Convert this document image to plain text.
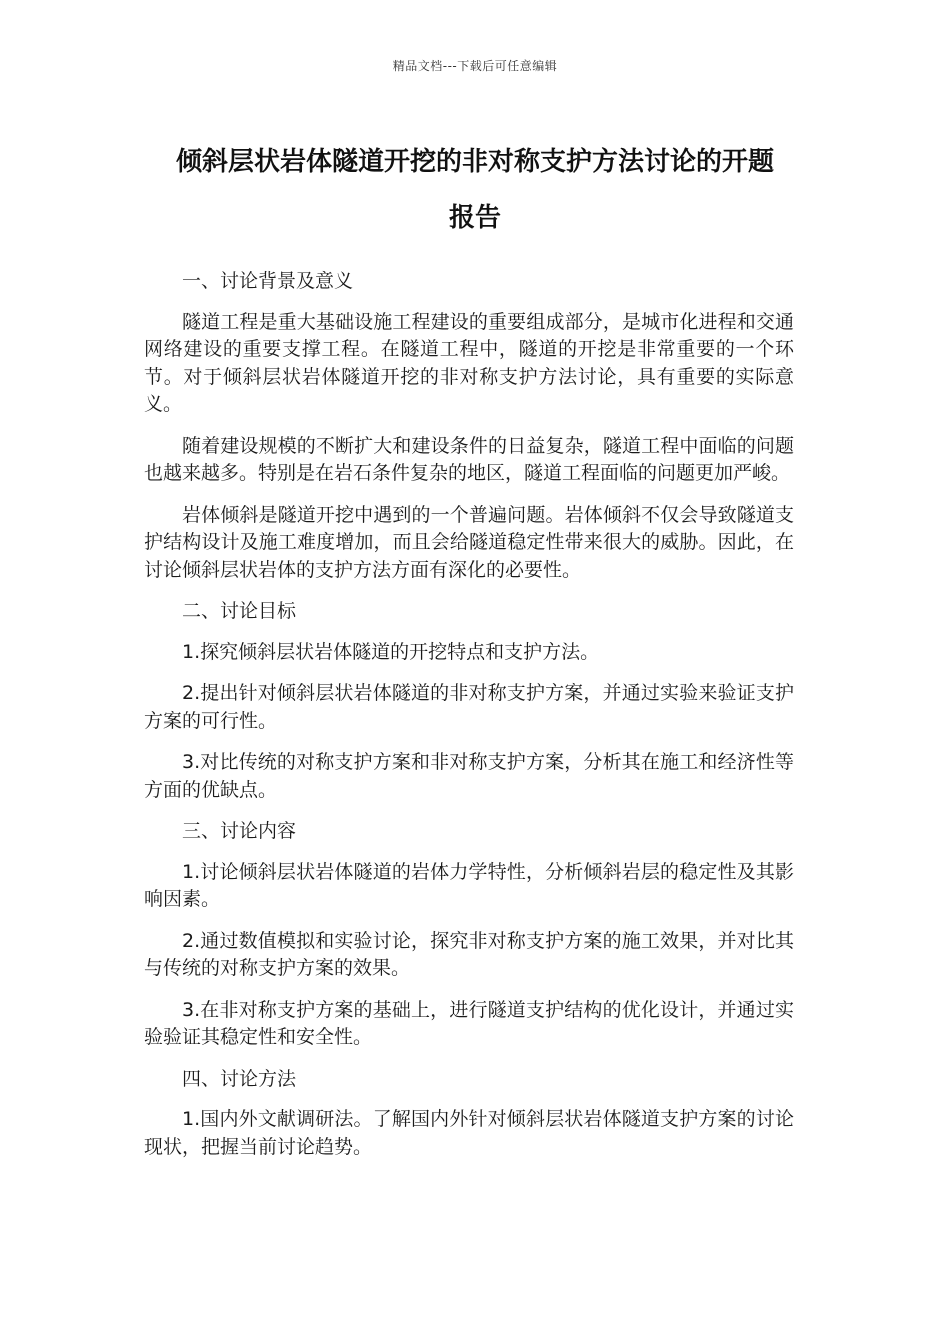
精品文档---下载后可任意编辑
倾斜层状岩体隧道开挖的非对称支护方法讨论的开题
报告

一、讨论背景及意义

隧道工程是重大基础设施工程建设的重要组成部分，是城市化进程和交通网络建设的重要支撑工程。在隧道工程中，隧道的开挖是非常重要的一个环节。对于倾斜层状岩体隧道开挖的非对称支护方法讨论，具有重要的实际意义。

随着建设规模的不断扩大和建设条件的日益复杂，隧道工程中面临的问题也越来越多。特别是在岩石条件复杂的地区，隧道工程面临的问题更加严峻。

岩体倾斜是隧道开挖中遇到的一个普遍问题。岩体倾斜不仅会导致隧道支护结构设计及施工难度增加，而且会给隧道稳定性带来很大的威胁。因此，在讨论倾斜层状岩体的支护方法方面有深化的必要性。

二、讨论目标

1.探究倾斜层状岩体隧道的开挖特点和支护方法。

2.提出针对倾斜层状岩体隧道的非对称支护方案，并通过实验来验证支护方案的可行性。

3.对比传统的对称支护方案和非对称支护方案，分析其在施工和经济性等方面的优缺点。

三、讨论内容

1.讨论倾斜层状岩体隧道的岩体力学特性，分析倾斜岩层的稳定性及其影响因素。

2.通过数值模拟和实验讨论，探究非对称支护方案的施工效果，并对比其与传统的对称支护方案的效果。

3.在非对称支护方案的基础上，进行隧道支护结构的优化设计，并通过实验验证其稳定性和安全性。

四、讨论方法

1.国内外文献调研法。了解国内外针对倾斜层状岩体隧道支护方案的讨论现状，把握当前讨论趋势。
